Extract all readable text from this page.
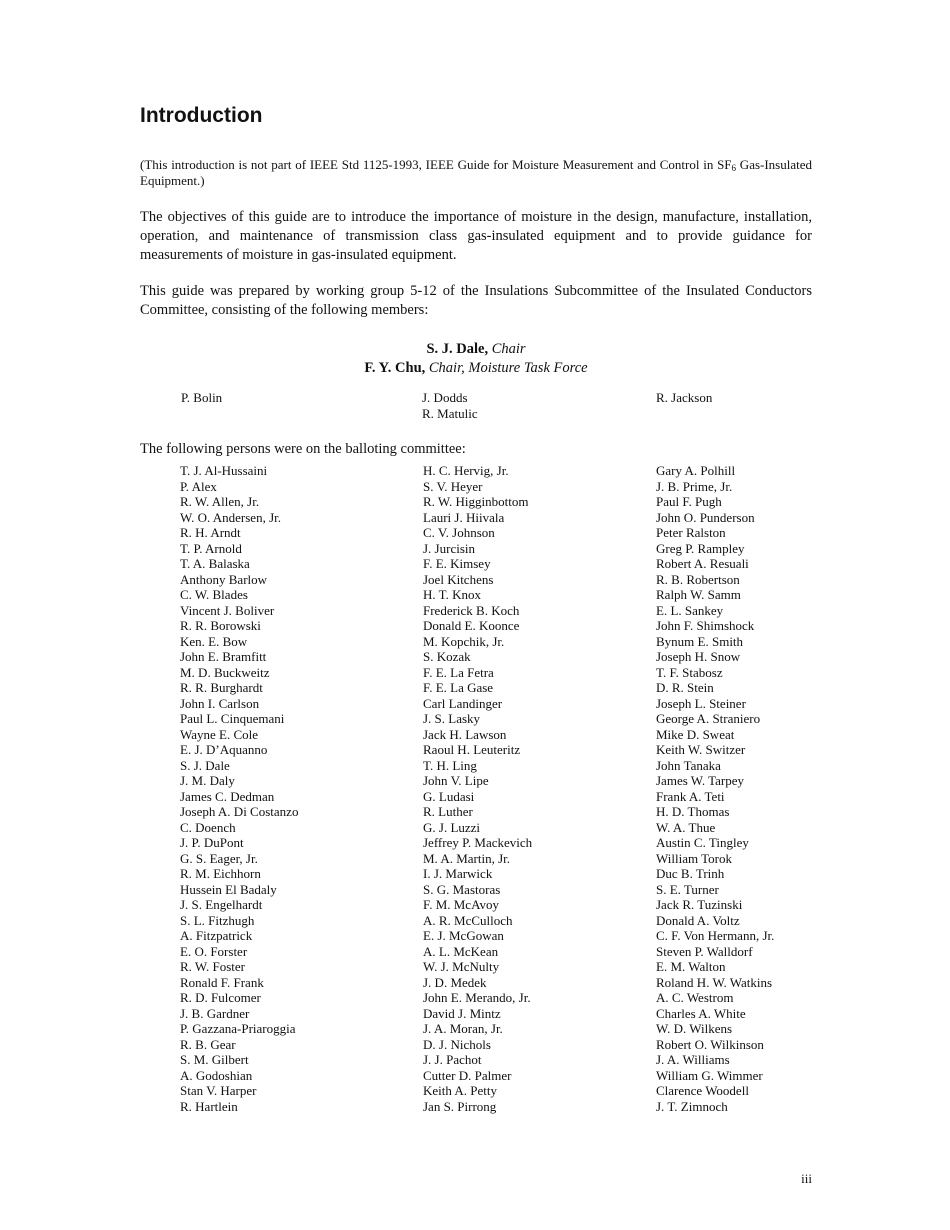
Introduction

(This introduction is not part of IEEE Std 1125-1993, IEEE Guide for Moisture Measurement and Control in $SF_6$ Gas-Insulated Equipment.)

The objectives of this guide are to introduce the importance of moisture in the design, manufacture, installation, operation, and maintenance of transmission class gas-insulated equipment and to provide guidance for measurements of moisture in gas-insulated equipment.

This guide was prepared by working group 5-12 of the Insulations Subcommittee of the Insulated Conductors Committee, consisting of the following members:

S. J. Dale, Chair
F. Y. Chu, Chair, Moisture Task Force
P. Bolin	J. Dodds
R. Matulic
R. Jackson

The following persons were on the balloting committee:

T. J. Al-Hussaini
P. Alex
R. W. Allen, Jr.
W. O. Andersen, Jr.
R. H. Arndt
T. P. Arnold
T. A. Balaska
Anthony Barlow
C. W. Blades
Vincent J. Boliver
R. R. Borowski
Ken. E. Bow
John E. Bramfitt
M. D. Buckweitz
R. R. Burghardt
John I. Carlson
Paul L. Cinquemani
Wayne E. Cole
E. J. D’Aquanno
S. J. Dale
J. M. Daly
James C. Dedman
Joseph A. Di Costanzo
C. Doench
J. P. DuPont
G. S. Eager, Jr.
R. M. Eichhorn
Hussein El Badaly
J. S. Engelhardt
S. L. Fitzhugh
A. Fitzpatrick
E. O. Forster
R. W. Foster
Ronald F. Frank
R. D. Fulcomer
J. B. Gardner
P. Gazzana-Priaroggia
R. B. Gear
S. M. Gilbert
A. Godoshian
Stan V. Harper
R. Hartlein
H. C. Hervig, Jr.
S. V. Heyer
R. W. Higginbottom
Lauri J. Hiivala
C. V. Johnson
J. Jurcisin
F. E. Kimsey
Joel Kitchens
H. T. Knox
Frederick B. Koch
Donald E. Koonce
M. Kopchik, Jr.
S. Kozak
F. E. La Fetra
F. E. La Gase
Carl Landinger
J. S. Lasky
Jack H. Lawson
Raoul H. Leuteritz
T. H. Ling
John V. Lipe
G. Ludasi
R. Luther
G. J. Luzzi
Jeffrey P. Mackevich
M. A. Martin, Jr.
I. J. Marwick
S. G. Mastoras
F. M. McAvoy
A. R. McCulloch
E. J. McGowan
A. L. McKean
W. J. McNulty
J. D. Medek
John E. Merando, Jr.
David J. Mintz
J. A. Moran, Jr.
D. J. Nichols
J. J. Pachot
Cutter D. Palmer
Keith A. Petty
Jan S. Pirrong
Gary A. Polhill
J. B. Prime, Jr.
Paul F. Pugh
John O. Punderson
Peter Ralston
Greg P. Rampley
Robert A. Resuali
R. B. Robertson
Ralph W. Samm
E. L. Sankey
John F. Shimshock
Bynum E. Smith
Joseph H. Snow
T. F. Stabosz
D. R. Stein
Joseph L. Steiner
George A. Straniero
Mike D. Sweat
Keith W. Switzer
John Tanaka
James W. Tarpey
Frank A. Teti
H. D. Thomas
W. A. Thue
Austin C. Tingley
William Torok
Duc B. Trinh
S. E. Turner
Jack R. Tuzinski
Donald A. Voltz
C. F. Von Hermann, Jr.
Steven P. Walldorf
E. M. Walton
Roland H. W. Watkins
A. C. Westrom
Charles A. White
W. D. Wilkens
Robert O. Wilkinson
J. A. Williams
William G. Wimmer
Clarence Woodell
J. T. Zimnoch
iii
